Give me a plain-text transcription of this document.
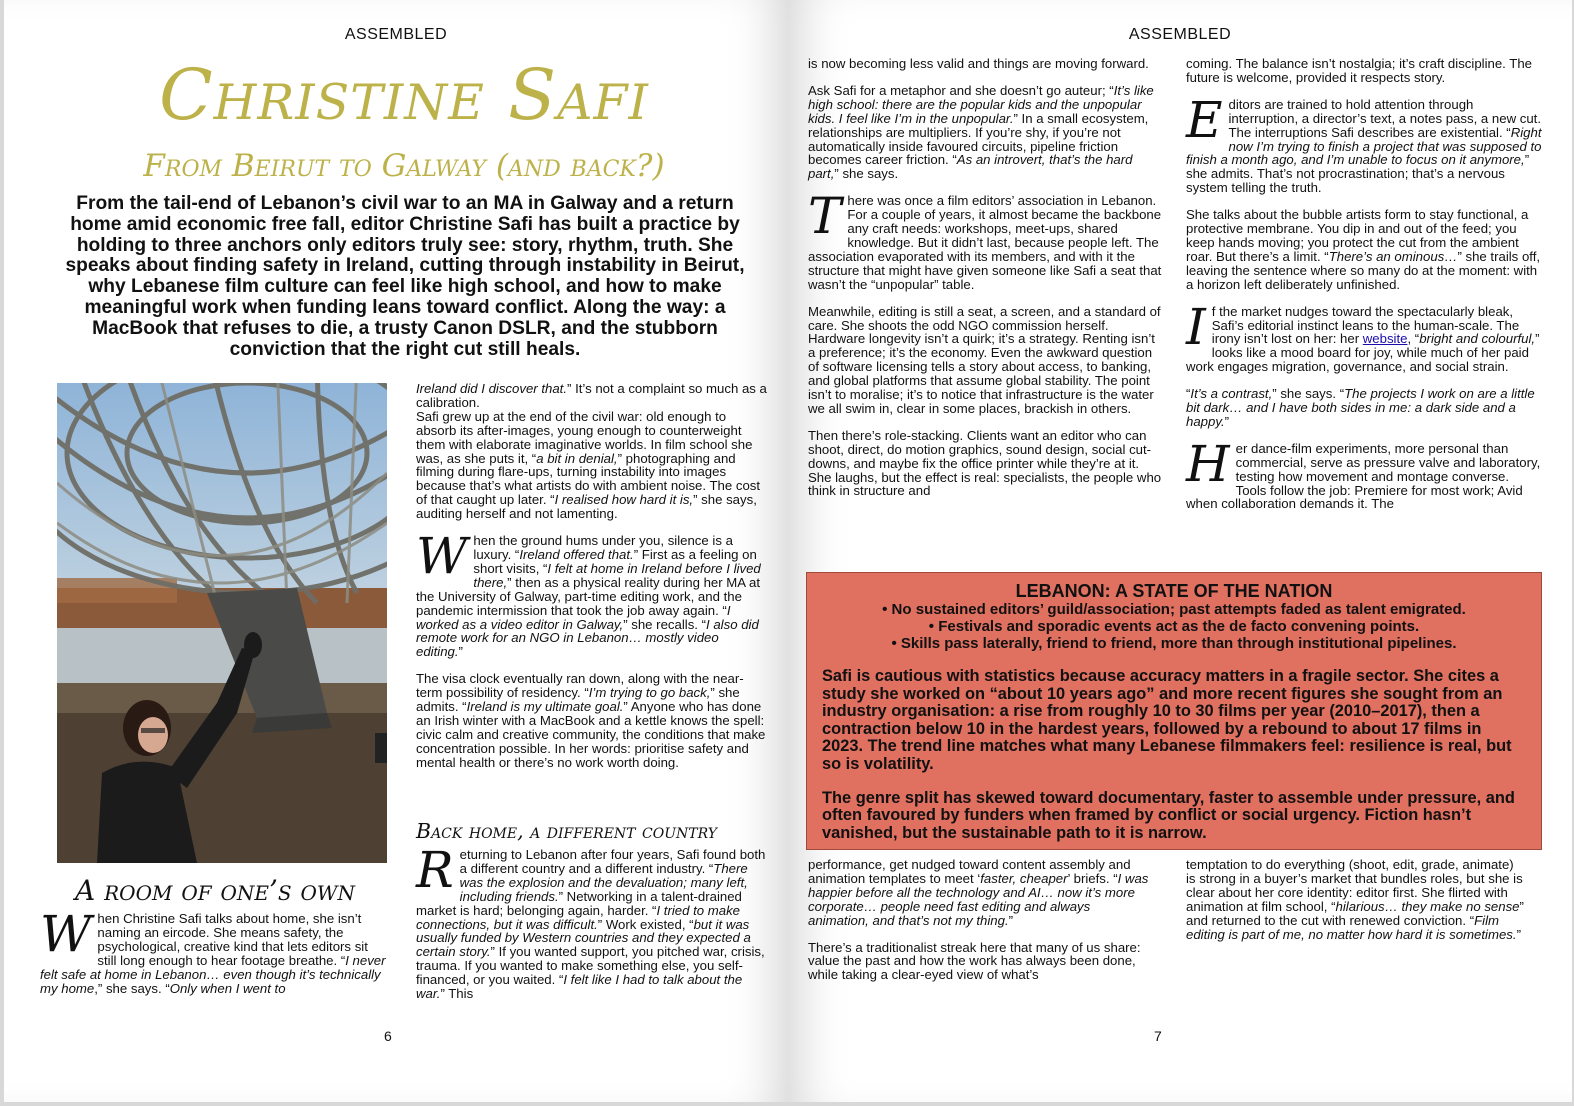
ASSEMBLED
Christine Safi
From Beirut to Galway (and back?)
From the tail-end of Lebanon’s civil war to an MA in Galway and a return home amid economic free fall, editor Christine Safi has built a practice by holding to three anchors only editors truly see: story, rhythm, truth. She speaks about finding safety in Ireland, cutting through instability in Beirut, why Lebanese film culture can feel like high school, and how to make meaningful work when funding leans toward conflict. Along the way: a MacBook that refuses to die, a trusty Canon DSLR, and the stubborn conviction that the right cut still heals.
A room of one’s own

When Christine Safi talks about home, she isn’t naming an eircode. She means safety, the psychological, creative kind that lets editors sit still long enough to hear footage breathe. “I never felt safe at home in Lebanon… even though it’s technically my home,” she says. “Only when I went to

Ireland did I discover that.” It’s not a complaint so much as a calibration.

Safi grew up at the end of the civil war: old enough to absorb its after-images, young enough to counterweight them with elaborate imaginative worlds. In film school she was, as she puts it, “a bit in denial,” photographing and filming during flare-ups, turning instability into images because that’s what artists do with ambient noise. The cost of that caught up later. “I realised how hard it is,” she says, auditing herself and not lamenting.

When the ground hums under you, silence is a luxury. “Ireland offered that.” First as a feeling on short visits, “I felt at home in Ireland before I lived there,” then as a physical reality during her MA at the University of Galway, part-time editing work, and the pandemic intermission that took the job away again. “I worked as a video editor in Galway,” she recalls. “I also did remote work for an NGO in Lebanon… mostly video editing.”

The visa clock eventually ran down, along with the near-term possibility of residency. “I’m trying to go back,” she admits. “Ireland is my ultimate goal.” Anyone who has done an Irish winter with a MacBook and a kettle knows the spell: civic calm and creative community, the conditions that make concentration possible. In her words: prioritise safety and mental health or there’s no work worth doing.

Back home, a different country

Returning to Lebanon after four years, Safi found both a different country and a different industry. “There was the explosion and the devaluation; many left, including friends.” Networking in a talent-drained market is hard; belonging again, harder. “I tried to make connections, but it was difficult.” Work existed, “but it was usually funded by Western countries and they expected a certain story.” If you wanted support, you pitched war, crisis, trauma. If you wanted to make something else, you self-financed, or you waited. “I felt like I had to talk about the war.” This

6
ASSEMBLED

is now becoming less valid and things are moving forward.

Ask Safi for a metaphor and she doesn’t go auteur; “It’s like high school: there are the popular kids and the unpopular kids. I feel like I’m in the unpopular.” In a small ecosystem, relationships are multipliers. If you’re shy, if you’re not automatically inside favoured circuits, pipeline friction becomes career friction. “As an introvert, that’s the hard part,” she says.

There was once a film editors’ association in Lebanon. For a couple of years, it almost became the backbone any craft needs: workshops, meet-ups, shared knowledge. But it didn’t last, because people left. The association evaporated with its members, and with it the structure that might have given someone like Safi a seat that wasn’t the “unpopular” table.

Meanwhile, editing is still a seat, a screen, and a standard of care. She shoots the odd NGO commission herself. Hardware longevity isn’t a quirk; it’s a strategy. Renting isn’t a preference; it’s the economy. Even the awkward question of software licensing tells a story about access, to banking, and global platforms that assume global stability. The point isn’t to moralise; it’s to notice that infrastructure is the water we all swim in, clear in some places, brackish in others.

Then there’s role-stacking. Clients want an editor who can shoot, direct, do motion graphics, sound design, social cut-downs, and maybe fix the office printer while they’re at it. She laughs, but the effect is real: specialists, the people who think in structure and

coming. The balance isn’t nostalgia; it’s craft discipline. The future is welcome, provided it respects story.

Editors are trained to hold attention through interruption, a director’s text, a notes pass, a new cut. The interruptions Safi describes are existential. “Right now I’m trying to finish a project that was supposed to finish a month ago, and I’m unable to focus on it anymore,” she admits. That’s not procrastination; that’s a nervous system telling the truth.

She talks about the bubble artists form to stay functional, a protective membrane. You dip in and out of the feed; you keep hands moving; you protect the cut from the ambient roar. But there’s a limit. “There’s an ominous…” she trails off, leaving the sentence where so many do at the moment: with a horizon left deliberately unfinished.

If the market nudges toward the spectacularly bleak, Safi’s editorial instinct leans to the human-scale. The irony isn’t lost on her: her website, “bright and colourful,” looks like a mood board for joy, while much of her paid work engages migration, governance, and social strain.

“It’s a contrast,” she says. “The projects I work on are a little bit dark… and I have both sides in me: a dark side and a happy.”

Her dance-film experiments, more personal than commercial, serve as pressure valve and laboratory, testing how movement and montage converse. Tools follow the job: Premiere for most work; Avid when collaboration demands it. The

LEBANON: A STATE OF THE NATION
• No sustained editors’ guild/association; past attempts faded as talent emigrated.
• Festivals and sporadic events act as the de facto convening points.
• Skills pass laterally, friend to friend, more than through institutional pipelines.
Safi is cautious with statistics because accuracy matters in a fragile sector. She cites a study she worked on “about 10 years ago” and more recent figures she sought from an industry organisation: a rise from roughly 10 to 30 films per year (2010–2017), then a contraction below 10 in the hardest years, followed by a rebound to about 17 films in 2023. The trend line matches what many Lebanese filmmakers feel: resilience is real, but so is volatility.
The genre split has skewed toward documentary, faster to assemble under pressure, and often favoured by funders when framed by conflict or social urgency. Fiction hasn’t vanished, but the sustainable path to it is narrow.

performance, get nudged toward content assembly and animation templates to meet ‘faster, cheaper’ briefs. “I was happier before all the technology and AI… now it’s more corporate… people need fast editing and always animation, and that’s not my thing.”

There’s a traditionalist streak here that many of us share: value the past and how the work has always been done, while taking a clear-eyed view of what’s

temptation to do everything (shoot, edit, grade, animate) is strong in a buyer’s market that bundles roles, but she is clear about her core identity: editor first. She flirted with animation at film school, “hilarious… they make no sense” and returned to the cut with renewed conviction. “Film editing is part of me, no matter how hard it is sometimes.”

7
